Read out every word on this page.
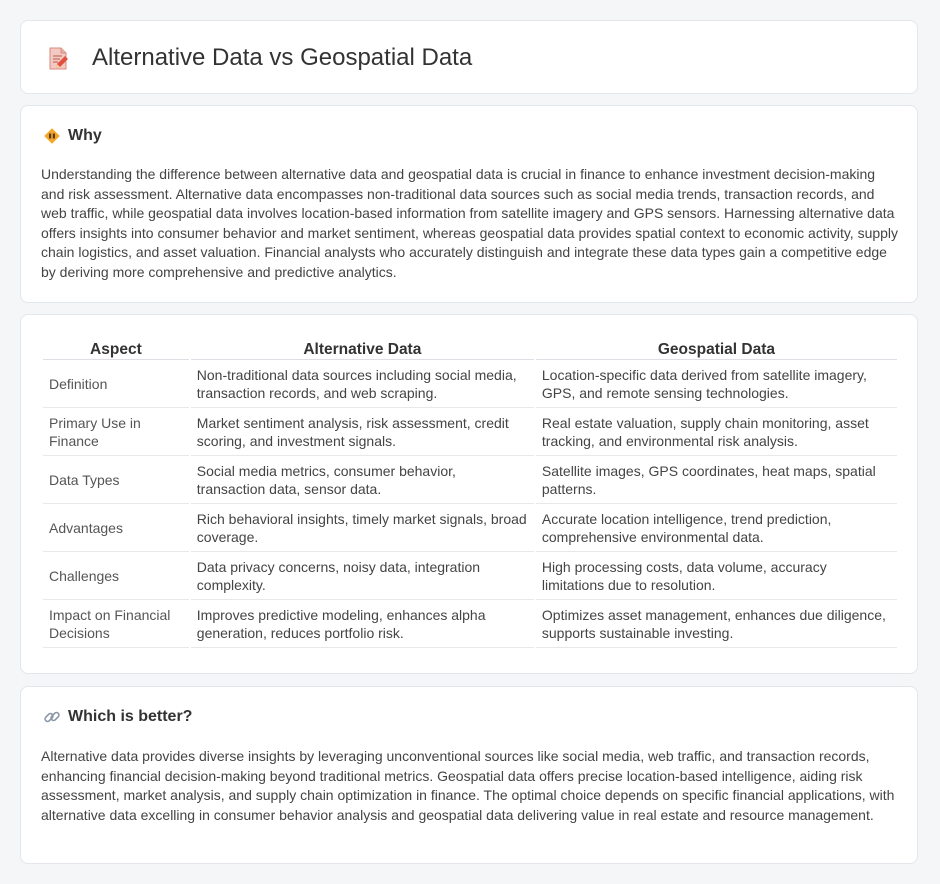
Alternative Data vs Geospatial Data
Why

Understanding the difference between alternative data and geospatial data is crucial in finance to enhance investment decision-making and risk assessment. Alternative data encompasses non-traditional data sources such as social media trends, transaction records, and web traffic, while geospatial data involves location-based information from satellite imagery and GPS sensors. Harnessing alternative data offers insights into consumer behavior and market sentiment, whereas geospatial data provides spatial context to economic activity, supply chain logistics, and asset valuation. Financial analysts who accurately distinguish and integrate these data types gain a competitive edge by deriving more comprehensive and predictive analytics.

Aspect	Alternative Data	Geospatial Data
Definition	Non-traditional data sources including social media, transaction records, and web scraping.	Location-specific data derived from satellite imagery, GPS, and remote sensing technologies.
Primary Use in Finance	Market sentiment analysis, risk assessment, credit scoring, and investment signals.	Real estate valuation, supply chain monitoring, asset tracking, and environmental risk analysis.
Data Types	Social media metrics, consumer behavior, transaction data, sensor data.	Satellite images, GPS coordinates, heat maps, spatial patterns.
Advantages	Rich behavioral insights, timely market signals, broad coverage.	Accurate location intelligence, trend prediction, comprehensive environmental data.
Challenges	Data privacy concerns, noisy data, integration complexity.	High processing costs, data volume, accuracy limitations due to resolution.
Impact on Financial Decisions	Improves predictive modeling, enhances alpha generation, reduces portfolio risk.	Optimizes asset management, enhances due diligence, supports sustainable investing.
Which is better?

Alternative data provides diverse insights by leveraging unconventional sources like social media, web traffic, and transaction records, enhancing financial decision-making beyond traditional metrics. Geospatial data offers precise location-based intelligence, aiding risk assessment, market analysis, and supply chain optimization in finance. The optimal choice depends on specific financial applications, with alternative data excelling in consumer behavior analysis and geospatial data delivering value in real estate and resource management.
